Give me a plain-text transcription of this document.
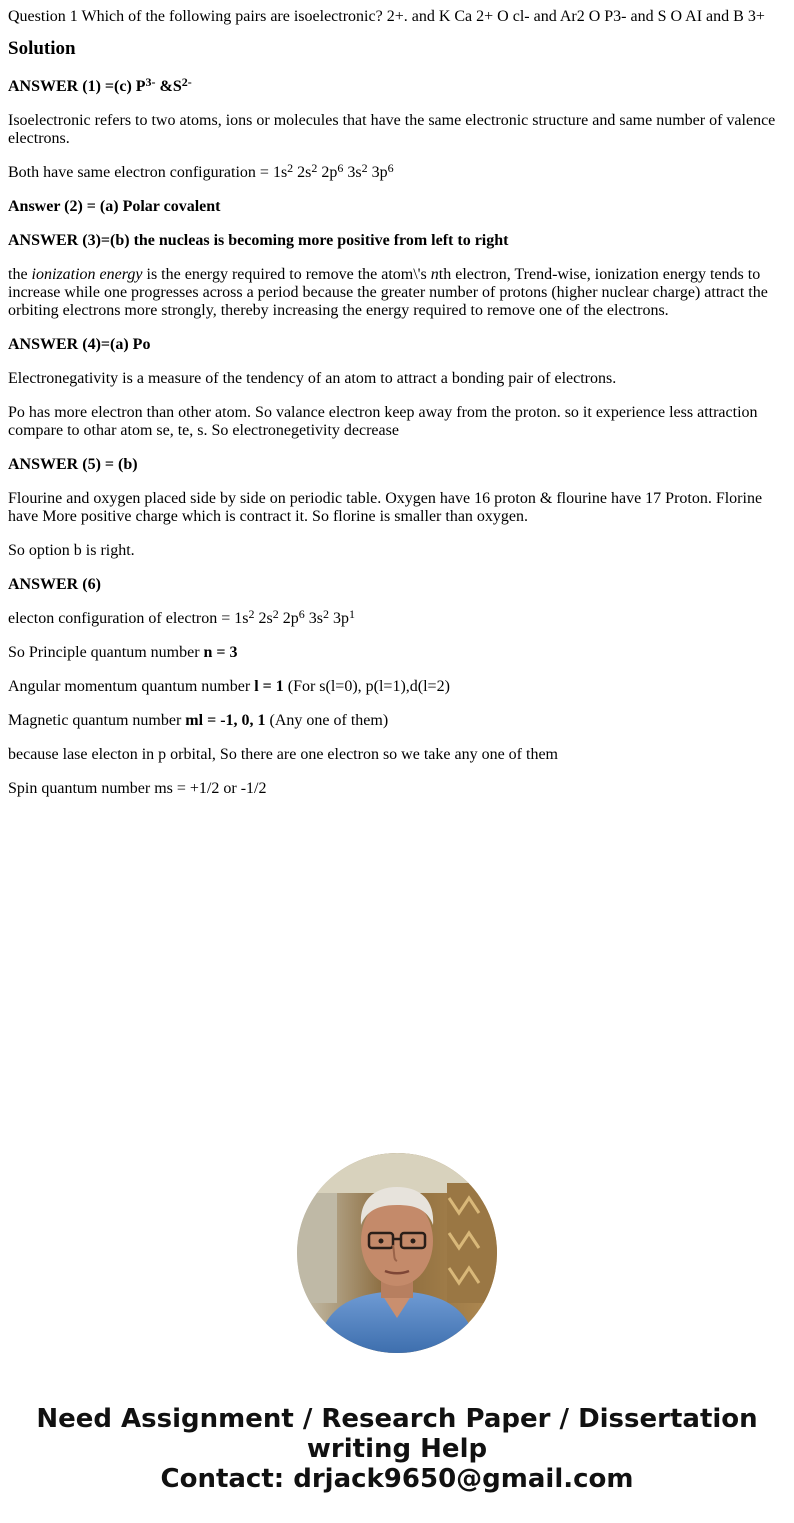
Question 1 Which of the following pairs are isoelectronic? 2+. and K Ca 2+ O cl- and Ar2 O P3- and S O AI and B 3+
Solution

ANSWER (1) =(c) $P^{3-}$ $\&S^{2-}$

Isoelectronic refers to two atoms, ions or molecules that have the same electronic structure and same number of valence electrons.

Both have same electron configuration = $1s^2$ $2s^2$ $2p^6$ $3s^2$ $3p^6$

Answer (2) = (a) Polar covalent

ANSWER (3)=(b) the nucleas is becoming more positive from left to right

the ionization energy is the energy required to remove the atom\'s nth electron, Trend-wise, ionization energy tends to increase while one progresses across a period because the greater number of protons (higher nuclear charge) attract the orbiting electrons more strongly, thereby increasing the energy required to remove one of the electrons.

ANSWER (4)=(a) Po

Electronegativity is a measure of the tendency of an atom to attract a bonding pair of electrons.

Po has more electron than other atom. So valance electron keep away from the proton. so it experience less attraction compare to othar atom se, te, s. So electronegetivity decrease

ANSWER (5) = (b)

Flourine and oxygen placed side by side on periodic table. Oxygen have 16 proton & flourine have 17 Proton. Florine have More positive charge which is contract it. So florine is smaller than oxygen.

So option b is right.

ANSWER (6)

electon configuration of electron = $1s^2$ $2s^2$ $2p^6$ $3s^2$ $3p^1$

So Principle quantum number n = 3

Angular momentum quantum number l = 1 (For s(l=0), p(l=1),d(l=2)

Magnetic quantum number ml = -1, 0, 1 (Any one of them)

because lase electon in p orbital, So there are one electron so we take any one of them

Spin quantum number ms = +1/2 or -1/2

Need Assignment / Research Paper / Dissertation
writing Help
Contact: drjack9650@gmail.com
